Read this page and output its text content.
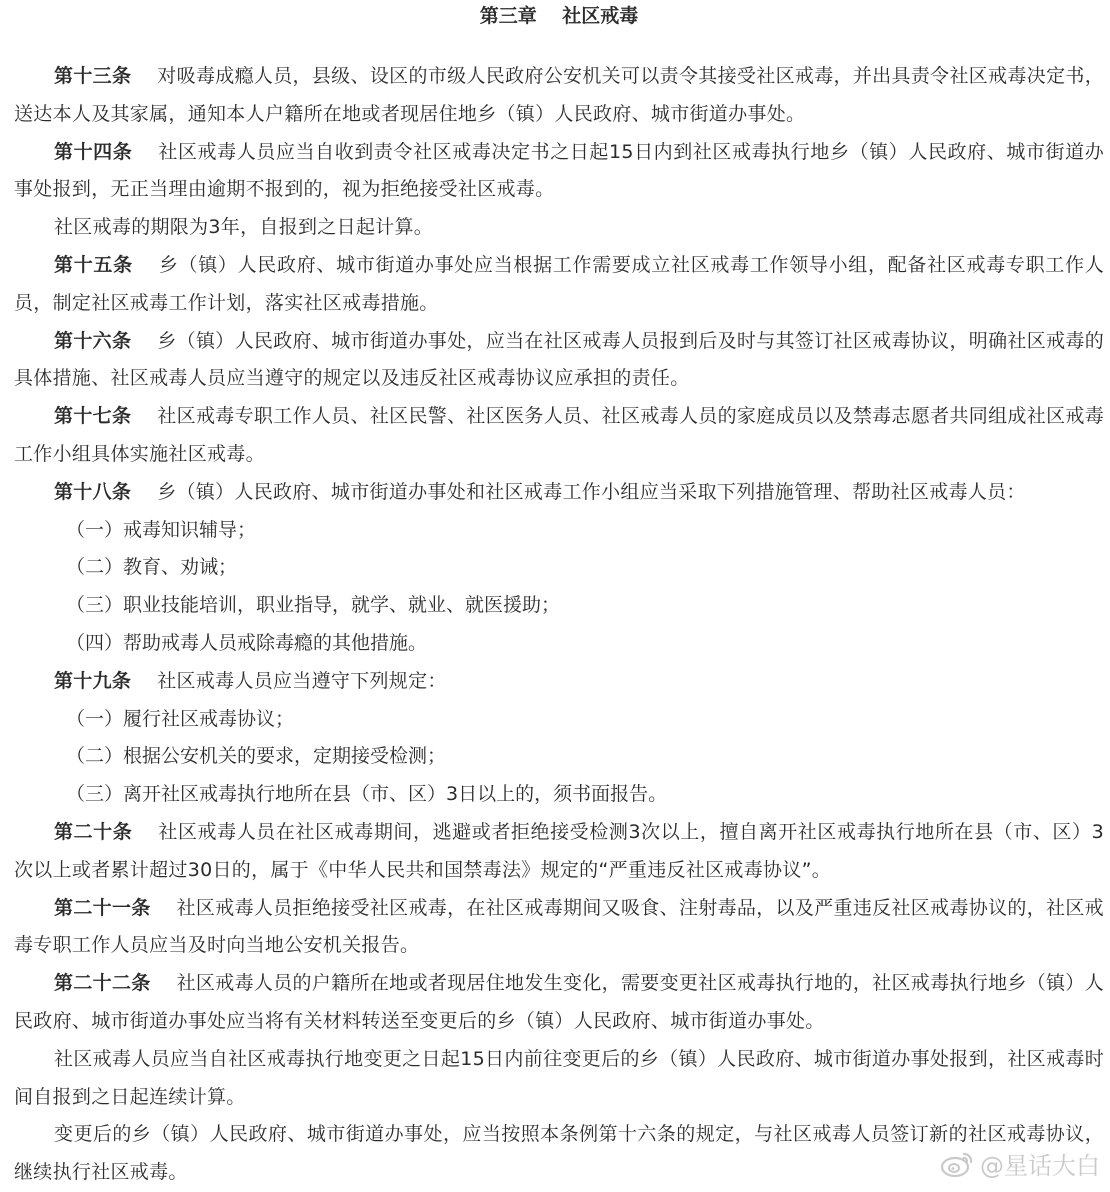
第三章　 社区戒毒

第十三条 对吸毒成瘾人员，县级、设区的市级人民政府公安机关可以责令其接受社区戒毒，并出具责令社区戒毒决定书，送达本人及其家属，通知本人户籍所在地或者现居住地乡（镇）人民政府、城市街道办事处。

第十四条 社区戒毒人员应当自收到责令社区戒毒决定书之日起15日内到社区戒毒执行地乡（镇）人民政府、城市街道办事处报到，无正当理由逾期不报到的，视为拒绝接受社区戒毒。

社区戒毒的期限为3年，自报到之日起计算。

第十五条 乡（镇）人民政府、城市街道办事处应当根据工作需要成立社区戒毒工作领导小组，配备社区戒毒专职工作人员，制定社区戒毒工作计划，落实社区戒毒措施。

第十六条 乡（镇）人民政府、城市街道办事处，应当在社区戒毒人员报到后及时与其签订社区戒毒协议，明确社区戒毒的具体措施、社区戒毒人员应当遵守的规定以及违反社区戒毒协议应承担的责任。

第十七条 社区戒毒专职工作人员、社区民警、社区医务人员、社区戒毒人员的家庭成员以及禁毒志愿者共同组成社区戒毒工作小组具体实施社区戒毒。

第十八条 乡（镇）人民政府、城市街道办事处和社区戒毒工作小组应当采取下列措施管理、帮助社区戒毒人员：

（一）戒毒知识辅导；

（二）教育、劝诫；

（三）职业技能培训，职业指导，就学、就业、就医援助；

（四）帮助戒毒人员戒除毒瘾的其他措施。

第十九条 社区戒毒人员应当遵守下列规定：

（一）履行社区戒毒协议；

（二）根据公安机关的要求，定期接受检测；

（三）离开社区戒毒执行地所在县（市、区）3日以上的，须书面报告。

第二十条 社区戒毒人员在社区戒毒期间，逃避或者拒绝接受检测3次以上，擅自离开社区戒毒执行地所在县（市、区）3次以上或者累计超过30日的，属于《中华人民共和国禁毒法》规定的“严重违反社区戒毒协议”。

第二十一条 社区戒毒人员拒绝接受社区戒毒，在社区戒毒期间又吸食、注射毒品，以及严重违反社区戒毒协议的，社区戒毒专职工作人员应当及时向当地公安机关报告。

第二十二条 社区戒毒人员的户籍所在地或者现居住地发生变化，需要变更社区戒毒执行地的，社区戒毒执行地乡（镇）人民政府、城市街道办事处应当将有关材料转送至变更后的乡（镇）人民政府、城市街道办事处。

社区戒毒人员应当自社区戒毒执行地变更之日起15日内前往变更后的乡（镇）人民政府、城市街道办事处报到，社区戒毒时间自报到之日起连续计算。

变更后的乡（镇）人民政府、城市街道办事处，应当按照本条例第十六条的规定，与社区戒毒人员签订新的社区戒毒协议，继续执行社区戒毒。	@星话大白
